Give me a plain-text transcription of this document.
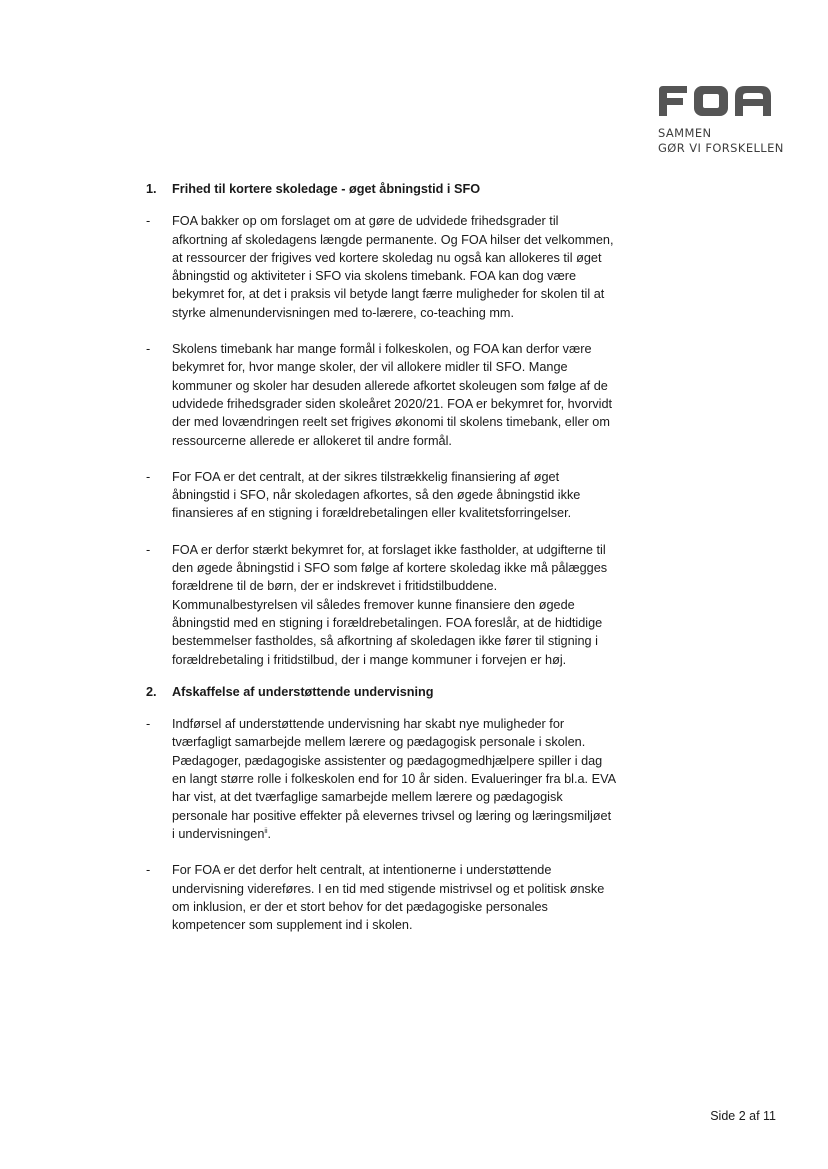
SAMMEN
GØR VI FORSKELLEN
1.	Frihed til kortere skoledage - øget åbningstid i SFO
-	FOA bakker op om forslaget om at gøre de udvidede frihedsgrader til afkortning af skoledagens længde permanente. Og FOA hilser det velkommen, at ressourcer der frigives ved kortere skoledag nu også kan allokeres til øget åbningstid og aktiviteter i SFO via skolens timebank. FOA kan dog være bekymret for, at det i praksis vil betyde langt færre muligheder for skolen til at styrke almenundervisningen med to-lærere, co-teaching mm.
-	Skolens timebank har mange formål i folkeskolen, og FOA kan derfor være bekymret for, hvor mange skoler, der vil allokere midler til SFO. Mange kommuner og skoler har desuden allerede afkortet skoleugen som følge af de udvidede frihedsgrader siden skoleåret 2020/21. FOA er bekymret for, hvorvidt der med lovændringen reelt set frigives økonomi til skolens timebank, eller om ressourcerne allerede er allokeret til andre formål.
-	For FOA er det centralt, at der sikres tilstrækkelig finansiering af øget åbningstid i SFO, når skoledagen afkortes, så den øgede åbningstid ikke finansieres af en stigning i forældrebetalingen eller kvalitetsforringelser.
-	FOA er derfor stærkt bekymret for, at forslaget ikke fastholder, at udgifterne til den øgede åbningstid i SFO som følge af kortere skoledag ikke må pålægges forældrene til de børn, der er indskrevet i fritidstilbuddene. Kommunalbestyrelsen vil således fremover kunne finansiere den øgede åbningstid med en stigning i forældrebetalingen. FOA foreslår, at de hidtidige bestemmelser fastholdes, så afkortning af skoledagen ikke fører til stigning i forældrebetaling i fritidstilbud, der i mange kommuner i forvejen er høj.
2.	Afskaffelse af understøttende undervisning
-	Indførsel af understøttende undervisning har skabt nye muligheder for tværfagligt samarbejde mellem lærere og pædagogisk personale i skolen. Pædagoger, pædagogiske assistenter og pædagogmedhjælpere spiller i dag en langt større rolle i folkeskolen end for 10 år siden. Evalueringer fra bl.a. EVA har vist, at det tværfaglige samarbejde mellem lærere og pædagogisk personale har positive effekter på elevernes trivsel og læring og læringsmiljøet i undervisningen$^{ii}$.
-	For FOA er det derfor helt centralt, at intentionerne i understøttende undervisning videreføres. I en tid med stigende mistrivsel og et politisk ønske om inklusion, er der et stort behov for det pædagogiske personales kompetencer som supplement ind i skolen.
Side 2 af 11
